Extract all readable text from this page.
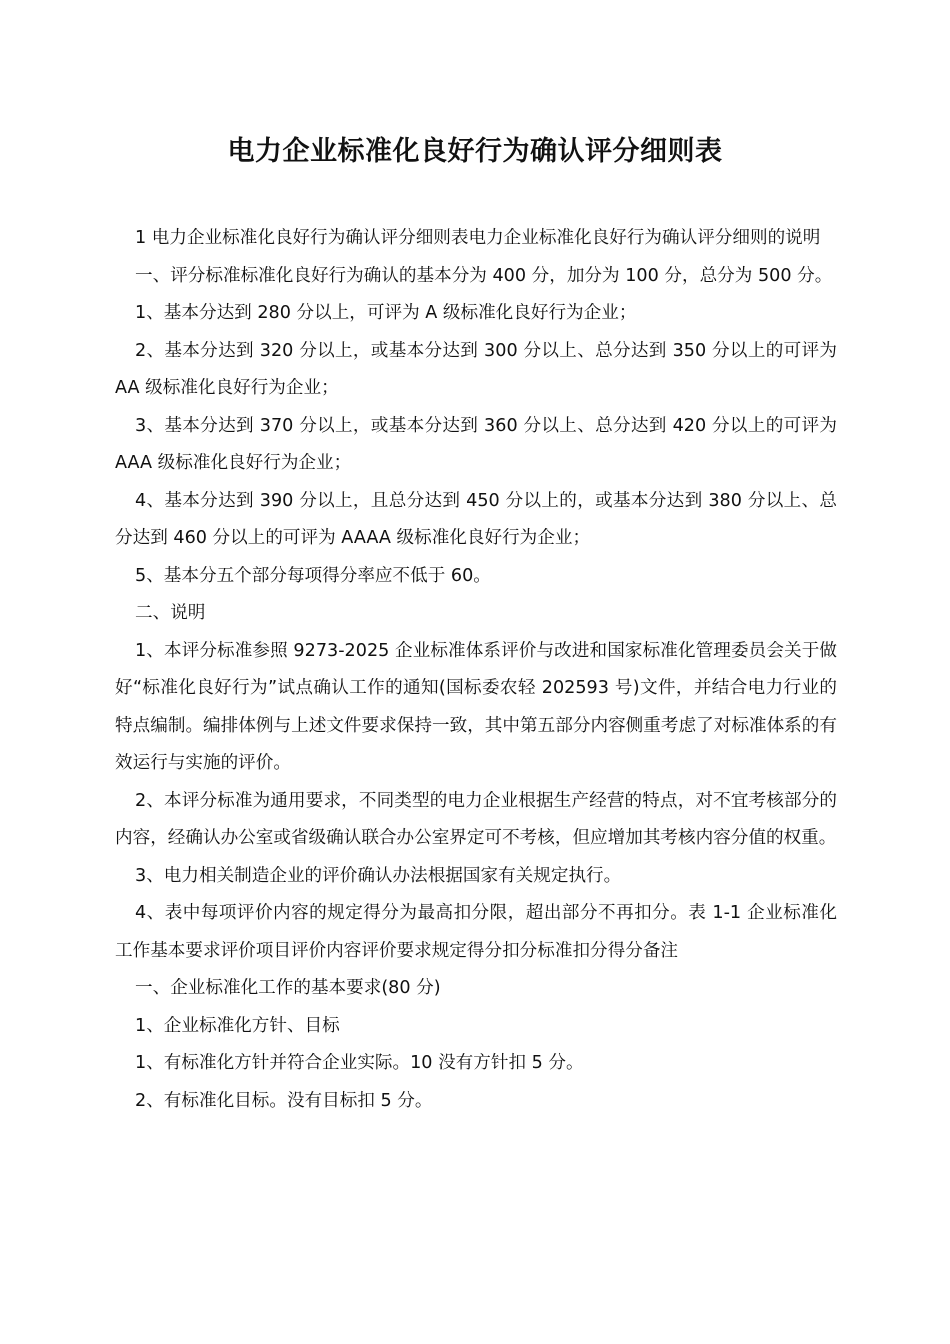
电力企业标准化良好行为确认评分细则表

1 电力企业标准化良好行为确认评分细则表电力企业标准化良好行为确认评分细则的说明

一、评分标准标准化良好行为确认的基本分为 400 分，加分为 100 分，总分为 500 分。

1、基本分达到 280 分以上，可评为 A 级标准化良好行为企业；

2、基本分达到 320 分以上，或基本分达到 300 分以上、总分达到 350 分以上的可评为 AA 级标准化良好行为企业；

3、基本分达到 370 分以上，或基本分达到 360 分以上、总分达到 420 分以上的可评为 AAA 级标准化良好行为企业；

4、基本分达到 390 分以上，且总分达到 450 分以上的，或基本分达到 380 分以上、总分达到 460 分以上的可评为 AAAA 级标准化良好行为企业；

5、基本分五个部分每项得分率应不低于 60。

二、说明

1、本评分标准参照 9273-2025 企业标准体系评价与改进和国家标准化管理委员会关于做好“标准化良好行为”试点确认工作的通知(国标委农轻 202593 号)文件，并结合电力行业的特点编制。编排体例与上述文件要求保持一致，其中第五部分内容侧重考虑了对标准体系的有效运行与实施的评价。

2、本评分标准为通用要求，不同类型的电力企业根据生产经营的特点，对不宜考核部分的内容，经确认办公室或省级确认联合办公室界定可不考核，但应增加其考核内容分值的权重。

3、电力相关制造企业的评价确认办法根据国家有关规定执行。

4、表中每项评价内容的规定得分为最高扣分限，超出部分不再扣分。表 1-1 企业标准化工作基本要求评价项目评价内容评价要求规定得分扣分标准扣分得分备注

一、企业标准化工作的基本要求(80 分)

1、企业标准化方针、目标

1、有标准化方针并符合企业实际。10 没有方针扣 5 分。

2、有标准化目标。没有目标扣 5 分。
